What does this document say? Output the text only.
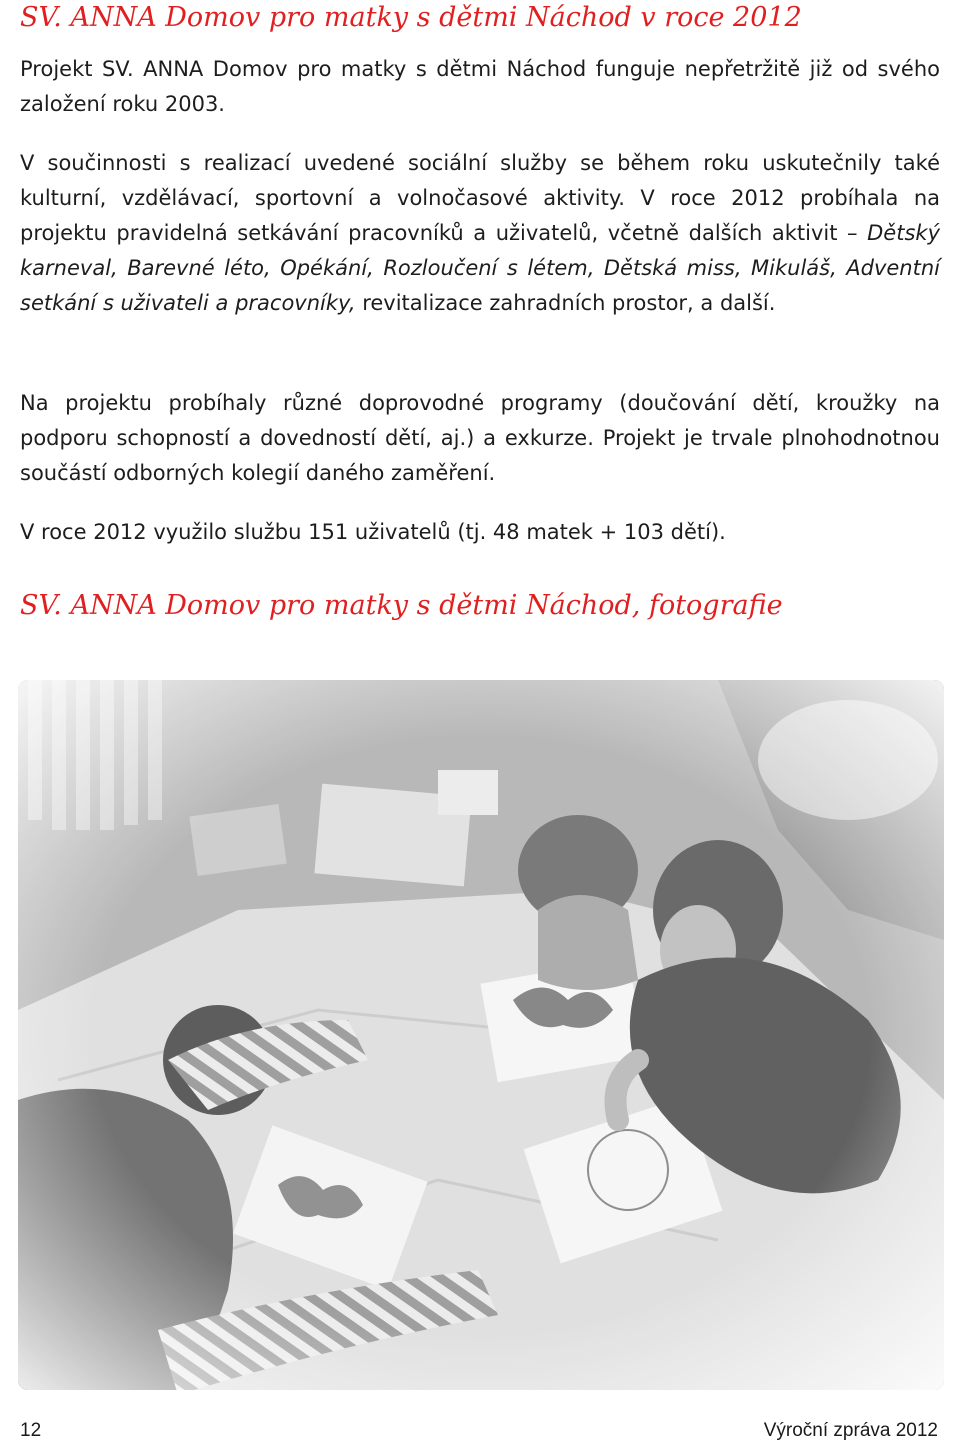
SV. ANNA Domov pro matky s dětmi Náchod v roce 2012

Projekt SV. ANNA Domov pro matky s dětmi Náchod funguje nepřetržitě již od svého založení roku 2003.

V součinnosti s realizací uvedené sociální služby se během roku uskutečnily také kulturní, vzdělávací, sportovní a volnočasové aktivity. V roce 2012 probíhala na projektu pravidelná setkávání pracovníků a uživatelů, včetně dalších aktivit – Dětský karneval, Barevné léto, Opékání, Rozloučení s létem, Dětská miss, Mikuláš, Adventní setkání s uživateli a pracovníky, revitalizace zahradních prostor, a další.

Na projektu probíhaly různé doprovodné programy (doučování dětí, kroužky na podporu schopností a dovedností dětí, aj.) a exkurze. Projekt je trvale plnohodnotnou součástí odborných kolegií daného zaměření.

V roce 2012 využilo službu 151 uživatelů (tj. 48 matek + 103 dětí).

SV. ANNA Domov pro matky s dětmi Náchod, fotografie

12	Výroční zpráva 2012
